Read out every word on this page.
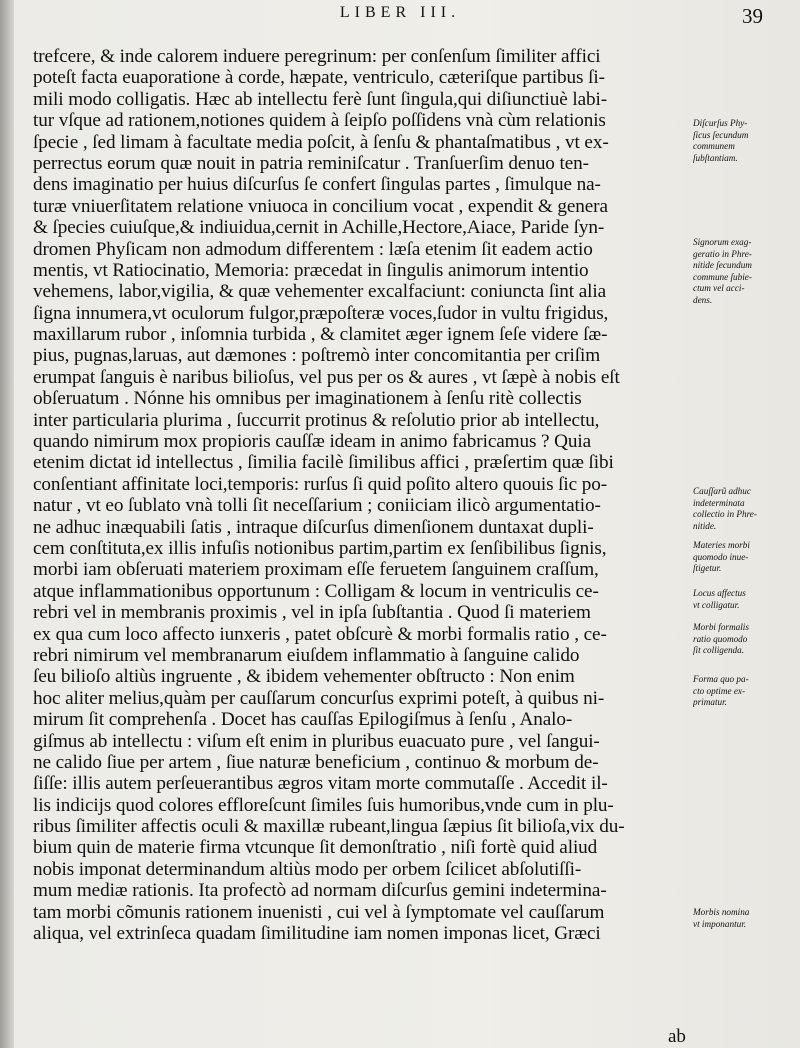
LIBER III.	39
trefcere, & inde calorem induere peregrinum: per conſenſum ſimiliter affici
poteſt facta euaporatione à corde, hæpate, ventriculo, cæteriſque partibus ſi-
mili modo colligatis. Hæc ab intellectu ferè ſunt ſingula,qui diſiunctiuè labi-
tur vſque ad rationem,notiones quidem à ſeipſo poſſidens vnà cùm relationis
ſpecie , ſed limam à facultate media poſcit, à ſenſu & phantaſmatibus , vt ex-
perrectus eorum quæ nouit in patria reminiſcatur . Tranſuerſim denuo ten-
dens imaginatio per huius diſcurſus ſe confert ſingulas partes , ſimulque na-
turæ vniuerſitatem relatione vniuoca in concilium vocat , expendit & genera
& ſpecies cuiuſque,& indiuidua,cernit in Achille,Hectore,Aiace, Paride ſyn-
dromen Phyſicam non admodum differentem : læſa etenim ſit eadem actio
mentis, vt Ratiocinatio, Memoria: præcedat in ſingulis animorum intentio
vehemens, labor,vigilia, & quæ vehementer excalfaciunt: coniuncta ſint alia
ſigna innumera,vt oculorum fulgor,præpoſteræ voces,ſudor in vultu frigidus,
maxillarum rubor , inſomnia turbida , & clamitet æger ignem ſeſe videre ſæ-
pius, pugnas,laruas, aut dæmones : poſtremò inter concomitantia per criſim
erumpat ſanguis è naribus bilioſus, vel pus per os & aures , vt ſæpè à nobis eſt
obſeruatum . Nónne his omnibus per imaginationem à ſenſu ritè collectis
inter particularia plurima , ſuccurrit protinus & reſolutio prior ab intellectu,
quando nimirum mox propioris cauſſæ ideam in animo fabricamus ? Quia
etenim dictat id intellectus , ſimilia facilè ſimilibus affici , præſertim quæ ſibi
conſentiant affinitate loci,temporis: rurſus ſi quid poſito altero quouis ſic po-
natur , vt eo ſublato vnà tolli ſit neceſſarium ; coniiciam ilicò argumentatio-
ne adhuc inæquabili ſatis , intraque diſcurſus dimenſionem duntaxat dupli-
cem conſtituta,ex illis infuſis notionibus partim,partim ex ſenſibilibus ſignis,
morbi iam obſeruati materiem proximam eſſe feruetem ſanguinem craſſum,
atque inflammationibus opportunum : Colligam & locum in ventriculis ce-
rebri vel in membranis proximis , vel in ipſa ſubſtantia . Quod ſi materiem
ex qua cum loco affecto iunxeris , patet obſcurè & morbi formalis ratio , ce-
rebri nimirum vel membranarum eiuſdem inflammatio à ſanguine calido
ſeu bilioſo altiùs ingruente , & ibidem vehementer obſtructo : Non enim
hoc aliter melius,quàm per cauſſarum concurſus exprimi poteſt, à quibus ni-
mirum ſit comprehenſa . Docet has cauſſas Epilogiſmus à ſenſu , Analo-
giſmus ab intellectu : viſum eſt enim in pluribus euacuato pure , vel ſangui-
ne calido ſiue per artem , ſiue naturæ beneficium , continuo & morbum de-
ſiſſe: illis autem perſeuerantibus ægros vitam morte commutaſſe . Accedit il-
lis indicijs quod colores effloreſcunt ſimiles ſuis humoribus,vnde cum in plu-
ribus ſimiliter affectis oculi & maxillæ rubeant,lingua ſæpius ſit bilioſa,vix du-
bium quin de materie firma vtcunque ſit demonſtratio , niſi fortè quid aliud
nobis imponat determinandum altiùs modo per orbem ſcilicet abſolutiſſi-
mum mediæ rationis. Ita profectò ad normam diſcurſus gemini indetermina-
tam morbi cõmunis rationem inuenisti , cui vel à ſymptomate vel cauſſarum
aliqua, vel extrinſeca quadam ſimilitudine iam nomen imponas licet, Græci
Diſcurſus Phy-
ſicus ſecundum
communem
ſubſtantiam.
Signorum exag-
geratio in Phre-
nitide ſecundum
commune ſubie-
ctum vel acci-
dens.
Cauſſarũ adhuc
indeterminata
collectio in Phre-
nitide.
Materies morbi
quomodo inue-
ſtigetur.
Locus affectus
vt colligatur.
Morbi formalis
ratio quomodo
ſit colligenda.
Forma quo pa-
cto optime ex-
primatur.
Morbis nomina
vt imponantur.
ab
